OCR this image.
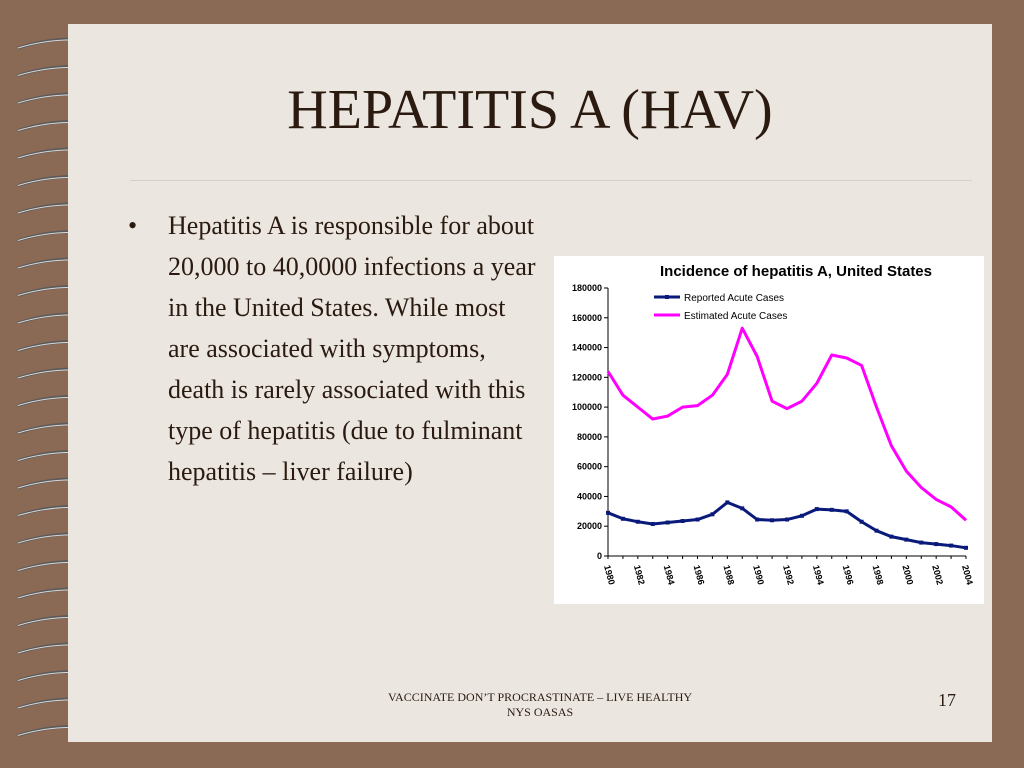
HEPATITIS A (HAV)
•	Hepatitis A is responsible for about 20,000 to 40,0000 infections a year in the United States. While most are associated with symptoms, death is rarely associated with this type of hepatitis (due to fulminant hepatitis – liver failure)
Incidence of hepatitis A, United States
0
20000
40000
60000
80000
100000
120000
140000
160000
180000
1980 1982 1984 1986 1988 1990 1992 1994 1996 1998 2000 2002 2004
Reported Acute Cases
Estimated Acute Cases
VACCINATE DON’T PROCRASTINATE – LIVE HEALTHY
NYS OASAS
17
